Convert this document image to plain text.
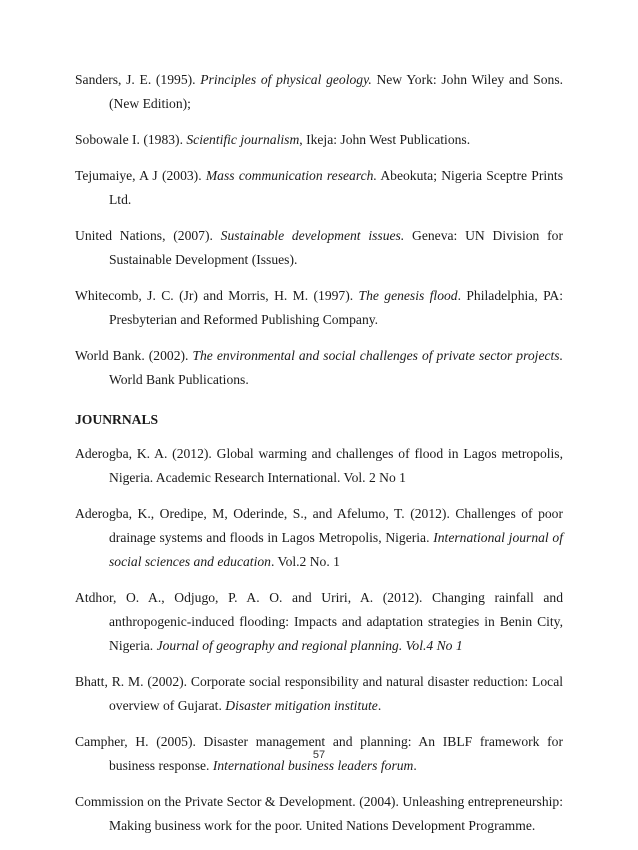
Sanders, J. E. (1995). Principles of physical geology. New York: John Wiley and Sons. (New Edition);
Sobowale I. (1983). Scientific journalism, Ikeja: John West Publications.
Tejumaiye, A J (2003). Mass communication research. Abeokuta; Nigeria Sceptre Prints Ltd.
United Nations, (2007). Sustainable development issues. Geneva: UN Division for Sustainable Development (Issues).
Whitecomb, J. C. (Jr) and Morris, H. M. (1997). The genesis flood. Philadelphia, PA: Presbyterian and Reformed Publishing Company.
World Bank. (2002). The environmental and social challenges of private sector projects. World Bank Publications.
JOUNRNALS
Aderogba, K. A. (2012). Global warming and challenges of flood in Lagos metropolis, Nigeria. Academic Research International. Vol. 2 No 1
Aderogba, K., Oredipe, M, Oderinde, S., and Afelumo, T. (2012). Challenges of poor drainage systems and floods in Lagos Metropolis, Nigeria. International journal of social sciences and education. Vol.2 No. 1
Atdhor, O. A., Odjugo, P. A. O. and Uriri, A. (2012). Changing rainfall and anthropogenic-induced flooding: Impacts and adaptation strategies in Benin City, Nigeria. Journal of geography and regional planning. Vol.4 No 1
Bhatt, R. M. (2002). Corporate social responsibility and natural disaster reduction: Local overview of Gujarat. Disaster mitigation institute.
Campher, H. (2005). Disaster management and planning: An IBLF framework for business response. International business leaders forum.
Commission on the Private Sector & Development. (2004). Unleashing entrepreneurship: Making business work for the poor. United Nations Development Programme.
57
